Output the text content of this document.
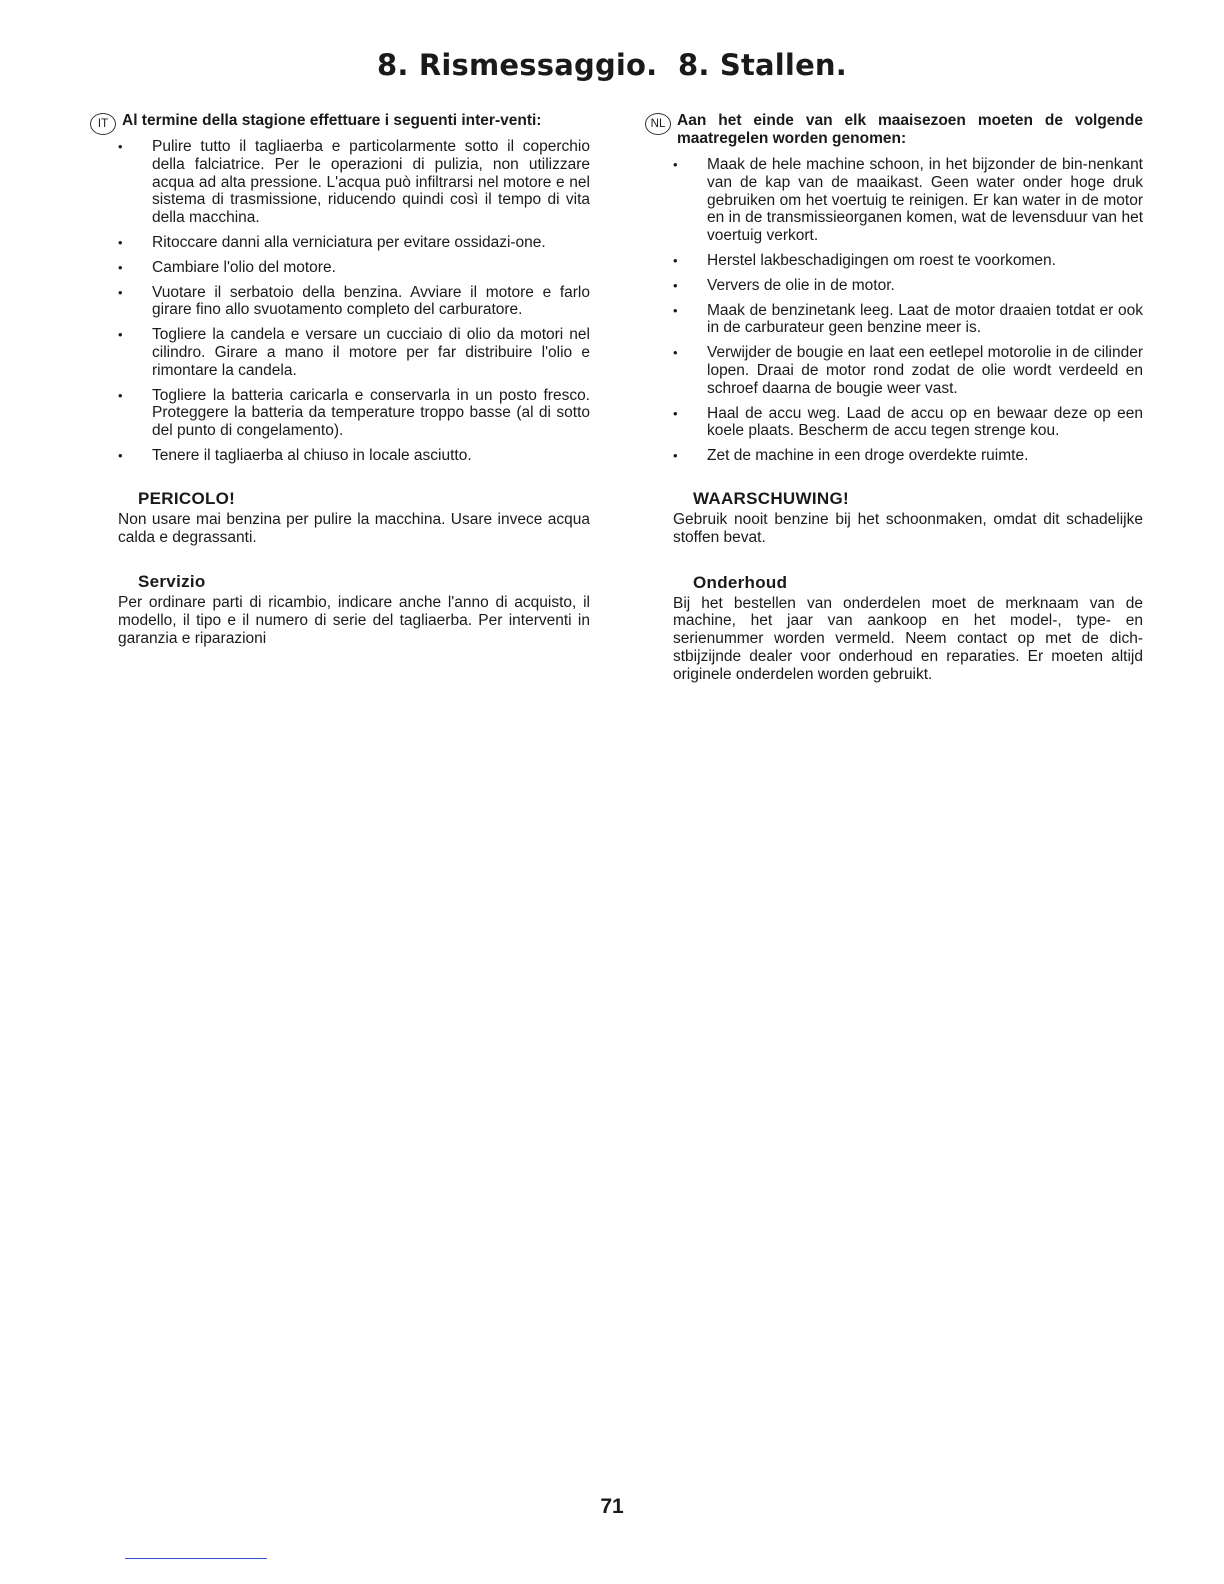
8. Rismessaggio.  8. Stallen.
IT Al termine della stagione effettuare i seguenti inter-venti:
• Pulire tutto il tagliaerba e particolarmente sotto il coperchio della falciatrice. Per le operazioni di pulizia, non utilizzare acqua ad alta pressione. L'acqua può infiltrarsi nel motore e nel sistema di trasmissione, riducendo quindi così il tempo di vita della macchina.
• Ritoccare danni alla verniciatura per evitare ossidazi-one.
• Cambiare l'olio del motore.
• Vuotare il serbatoio della benzina. Avviare il motore e farlo girare fino allo svuotamento completo del carburatore.
• Togliere la candela e versare un cucciaio di olio da motori nel cilindro. Girare a mano il motore per far distribuire l'olio e rimontare la candela.
• Togliere la batteria caricarla e conservarla in un posto fresco. Proteggere la batteria da temperature troppo basse (al di sotto del punto di congelamento).
• Tenere il tagliaerba al chiuso in locale asciutto.
PERICOLO!
Non usare mai benzina per pulire la macchina. Usare invece acqua calda e degrassanti.
Servizio
Per ordinare parti di ricambio, indicare anche l'anno di acquisto, il modello, il tipo e il numero di serie del tagliaerba. Per interventi in garanzia e riparazioni
NL Aan het einde van elk maaisezoen moeten de volgende maatregelen worden genomen:
• Maak de hele machine schoon, in het bijzonder de bin-nenkant van de kap van de maaikast. Geen water onder hoge druk gebruiken om het voertuig te reinigen. Er kan water in de motor en in de transmissieorganen komen, wat de levensduur van het voertuig verkort.
• Herstel lakbeschadigingen om roest te voorkomen.
• Ververs de olie in de motor.
• Maak de benzinetank leeg. Laat de motor draaien totdat er ook in de carburateur geen benzine meer is.
• Verwijder de bougie en laat een eetlepel motorolie in de cilinder lopen. Draai de motor rond zodat de olie wordt verdeeld en schroef daarna de bougie weer vast.
• Haal de accu weg. Laad de accu op en bewaar deze op een koele plaats. Bescherm de accu tegen strenge kou.
• Zet de machine in een droge overdekte ruimte.
WAARSCHUWING!
Gebruik nooit benzine bij het schoonmaken, omdat dit schadelijke stoffen bevat.
Onderhoud
Bij het bestellen van onderdelen moet de merknaam van de machine, het jaar van aankoop en het model-, type- en serienummer worden vermeld. Neem contact op met de dich-stbijzijnde dealer voor onderhoud en reparaties. Er moeten altijd originele onderdelen worden gebruikt.
71
